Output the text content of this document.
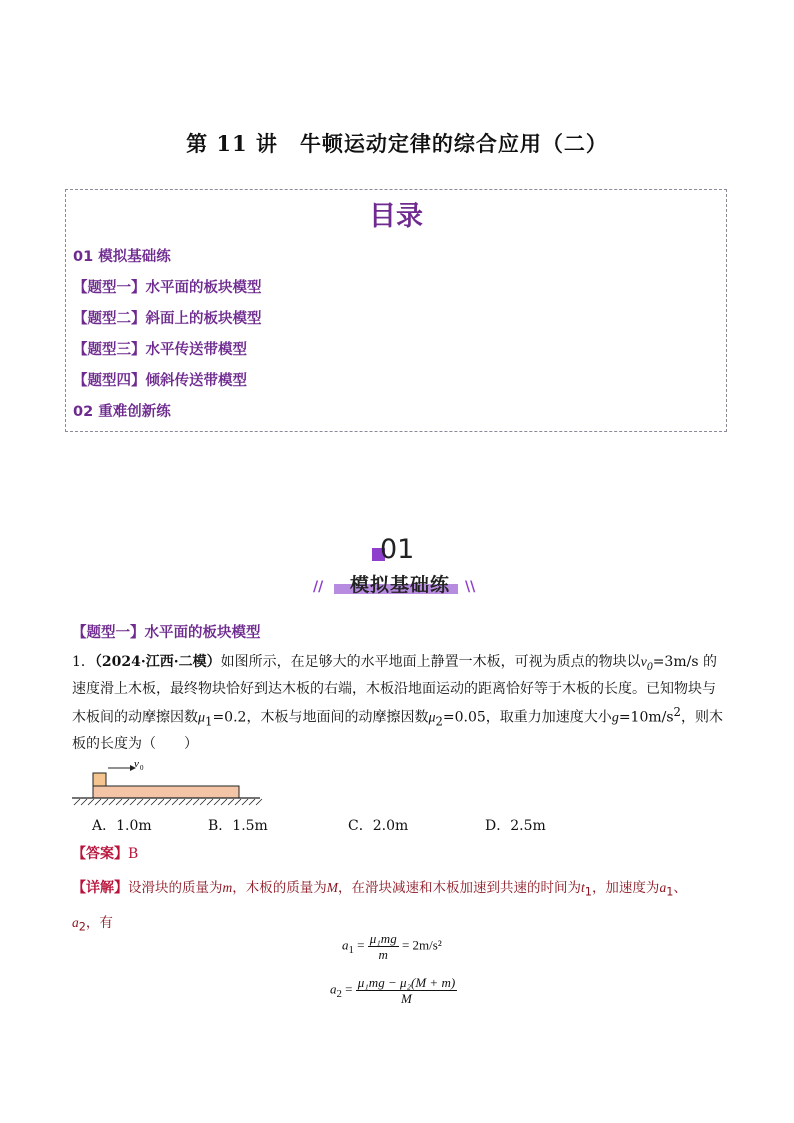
第 11 讲　牛顿运动定律的综合应用（二）
目录
01 模拟基础练
【题型一】水平面的板块模型
【题型二】斜面上的板块模型
【题型三】水平传送带模型
【题型四】倾斜传送带模型
02 重难创新练
01
//	模拟基础练	\\
【题型一】水平面的板块模型
1．（2024·江西·二模）如图所示，在足够大的水平地面上静置一木板，可视为质点的物块以$v_0=3m/s$ 的速度滑上木板，最终物块恰好到达木板的右端，木板沿地面运动的距离恰好等于木板的长度。已知物块与木板间的动摩擦因数$\mu_1=0.2$，木板与地面间的动摩擦因数$\mu_2=0.05$，取重力加速度大小$g=10m/s^2$，则木板的长度为（　　）
v 0
A．1.0m	B．1.5m	C．2.0m	D．2.5m
【答案】B
【详解】设滑块的质量为m，木板的质量为M，在滑块减速和木板加速到共速的时间为$t_1$，加速度为$a_1$、
$a_2$，有
$a_1 = \frac{\text{μ₁mg}}{m} = 2m/s^2$
$a_2 = \frac{\text{μ₁mg − μ₂(M + m)}}{M}$
